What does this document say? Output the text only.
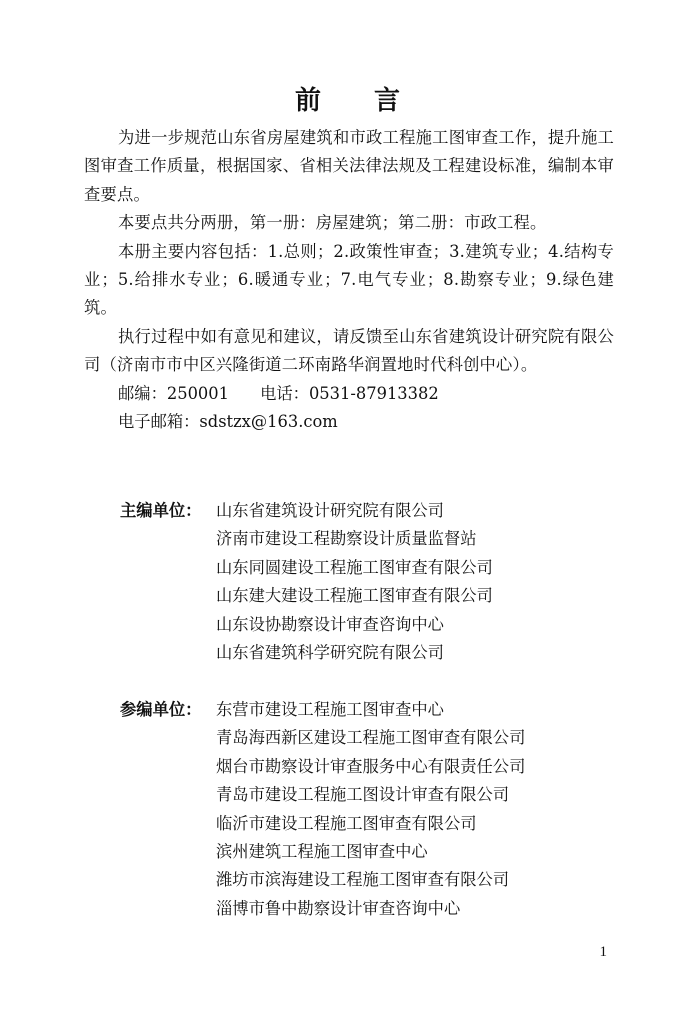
前 言

为进一步规范山东省房屋建筑和市政工程施工图审查工作，提升施工图审查工作质量，根据国家、省相关法律法规及工程建设标准，编制本审查要点。

本要点共分两册，第一册：房屋建筑；第二册：市政工程。

本册主要内容包括：1.总则；2.政策性审查；3.建筑专业；4.结构专业；5.给排水专业；6.暖通专业；7.电气专业；8.勘察专业；9.绿色建筑。

执行过程中如有意见和建议，请反馈至山东省建筑设计研究院有限公司（济南市市中区兴隆街道二环南路华润置地时代科创中心）。

邮编：250001 电话：0531-87913382

电子邮箱：sdstzx@163.com

主编单位： 山东省建筑设计研究院有限公司
济南市建设工程勘察设计质量监督站
山东同圆建设工程施工图审查有限公司
山东建大建设工程施工图审查有限公司
山东设协勘察设计审查咨询中心
山东省建筑科学研究院有限公司
参编单位： 东营市建设工程施工图审查中心
青岛海西新区建设工程施工图审查有限公司
烟台市勘察设计审查服务中心有限责任公司
青岛市建设工程施工图设计审查有限公司
临沂市建设工程施工图审查有限公司
滨州建筑工程施工图审查中心
潍坊市滨海建设工程施工图审查有限公司
淄博市鲁中勘察设计审查咨询中心
1
